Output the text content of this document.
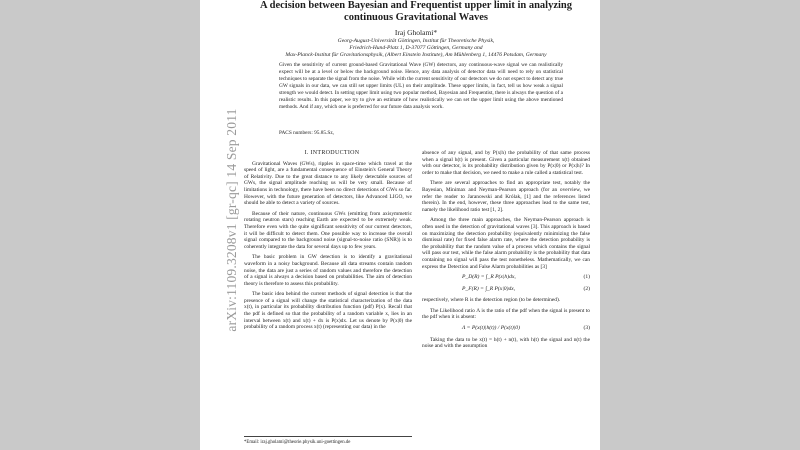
arXiv:1109.3208v1 [gr-qc] 14 Sep 2011
A decision between Bayesian and Frequentist upper limit in analyzing continuous Gravitational Waves
Iraj Gholami*
Georg-August-Universität Göttingen, Institut für Theoretische Physik,
Friedrich-Hund-Platz 1, D-37077 Göttingen, Germany and
Max-Planck-Institut für Gravitationsphysik, (Albert Einstein Institute), Am Mühlenberg 1, 14476 Potsdam, Germany

Given the sensitivity of current ground-based Gravitational Wave (GW) detectors, any continuous-wave signal we can realistically expect will be at a level or below the background noise. Hence, any data analysis of detector data will need to rely on statistical techniques to separate the signal from the noise. While with the current sensitivity of our detectors we do not expect to detect any true GW signals in our data, we can still set upper limits (UL) on their amplitude. These upper limits, in fact, tell us how weak a signal strength we would detect. In setting upper limit using two popular method, Bayesian and Frequentist, there is always the question of a realistic results. In this paper, we try to give an estimate of how realistically we can set the upper limit using the above mentioned methods. And if any, which one is preferred for our future data analysis work.

PACS numbers: 95.85.Sz,

I. INTRODUCTION

Gravitational Waves (GWs), ripples in space-time which travel at the speed of light, are a fundamental consequence of Einstein's General Theory of Relativity. Due to the great distance to any likely detectable sources of GWs, the signal amplitude reaching us will be very small. Because of limitations in technology, there have been no direct detections of GWs so far. However, with the future generation of detectors, like Advanced LIGO, we should be able to detect a variety of sources.

Because of their nature, continuous GWs (emitting from axisymmetric rotating neutron stars) reaching Earth are expected to be extremely weak. Therefore even with the quite significant sensitivity of our current detectors, it will be difficult to detect them. One possible way to increase the overall signal compared to the background noise (signal-to-noise ratio (SNR)) is to coherently integrate the data for several days up to few years.

The basic problem in GW detection is to identify a gravitational waveform in a noisy background. Because all data streams contain random noise, the data are just a series of random values and therefore the detection of a signal is always a decision based on probabilities. The aim of detection theory is therefore to assess this probability.

The basic idea behind the current methods of signal detection is that the presence of a signal will change the statistical characterization of the data x(t), in particular its probability distribution function (pdf) P(x). Recall that the pdf is defined so that the probability of a random variable x, lies in an interval between x(t) and x(t) + dx is P(x)dx. Let us denote by P(x|0) the probability of a random process x(t) (representing our data) in the

absence of any signal, and by P(x|h) the probability of that same process when a signal h(t) is present. Given a particular measurement x(t) obtained with our detector, is its probability distribution given by P(x|0) or P(x|h)? In order to make that decision, we need to make a rule called a statistical test.

There are several approaches to find an appropriate test, notably the Bayesian, Minimax and Neyman-Pearson approach (for an overview, we refer the reader to Jaranowski and Królak, [1] and the references listed therein). In the end, however, these three approaches lead to the same test, namely the likelihood ratio test [1, 2].

Among the three main approaches, the Neyman-Pearson approach is often used in the detection of gravitational waves [3]. This approach is based on maximizing the detection probability (equivalently minimizing the false dismissal rate) for fixed false alarm rate, where the detection probability is the probability that the random value of a process which contains the signal will pass our test, while the false alarm probability is the probability that data containing no signal will pass the test nonetheless. Mathematically, we can express the Detection and False Alarm probabilities as [3]

P_D(R) = ∫_R P(x|h)dx,	(1)
P_F(R) = ∫_R P(x|0)dx,	(2)

respectively, where R is the detection region (to be determined).

The Likelihood ratio Λ is the ratio of the pdf when the signal is present to the pdf when it is absent:

Λ = P(x(t)|h(t)) / P(x(t)|0)	(3)

Taking the data to be x(t) = h(t) + n(t), with h(t) the signal and n(t) the noise and with the assumption

*Email: iraj.gholami@theorie.physik.uni-goettingen.de
